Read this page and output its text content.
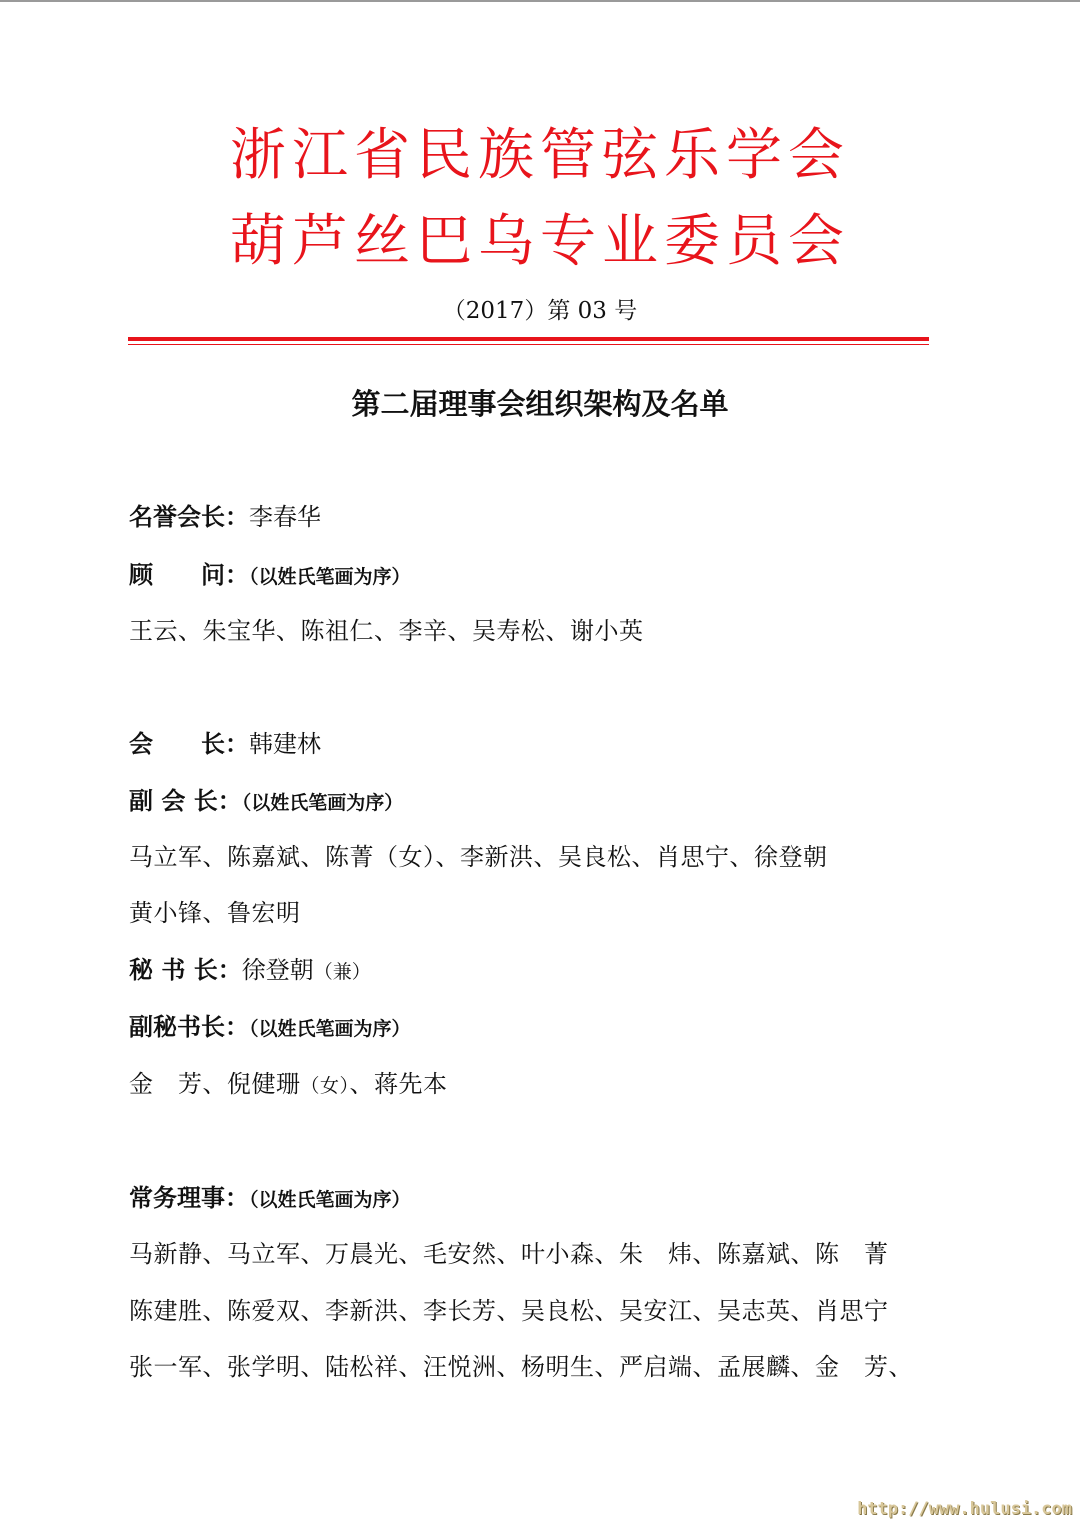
浙江省民族管弦乐学会
葫芦丝巴乌专业委员会
（2017）第 03 号
第二届理事会组织架构及名单
名誉会长：李春华
顾　　问：（以姓氏笔画为序）
王云、朱宝华、陈祖仁、李辛、吴寿松、谢小英
会　　长：韩建林
副 会 长：（以姓氏笔画为序）
马立军、陈嘉斌、陈菁（女）、李新洪、吴良松、肖思宁、徐登朝
黄小锋、鲁宏明
秘 书 长：徐登朝（兼）
副秘书长：（以姓氏笔画为序）
金　芳、倪健珊（女）、蒋先本
常务理事：（以姓氏笔画为序）
马新静、马立军、万晨光、毛安然、叶小森、朱　炜、陈嘉斌、陈　菁
陈建胜、陈爱双、李新洪、李长芳、吴良松、吴安江、吴志英、肖思宁
张一军、张学明、陆松祥、汪悦洲、杨明生、严启端、孟展麟、金　芳、
http://www.hulusi.com
